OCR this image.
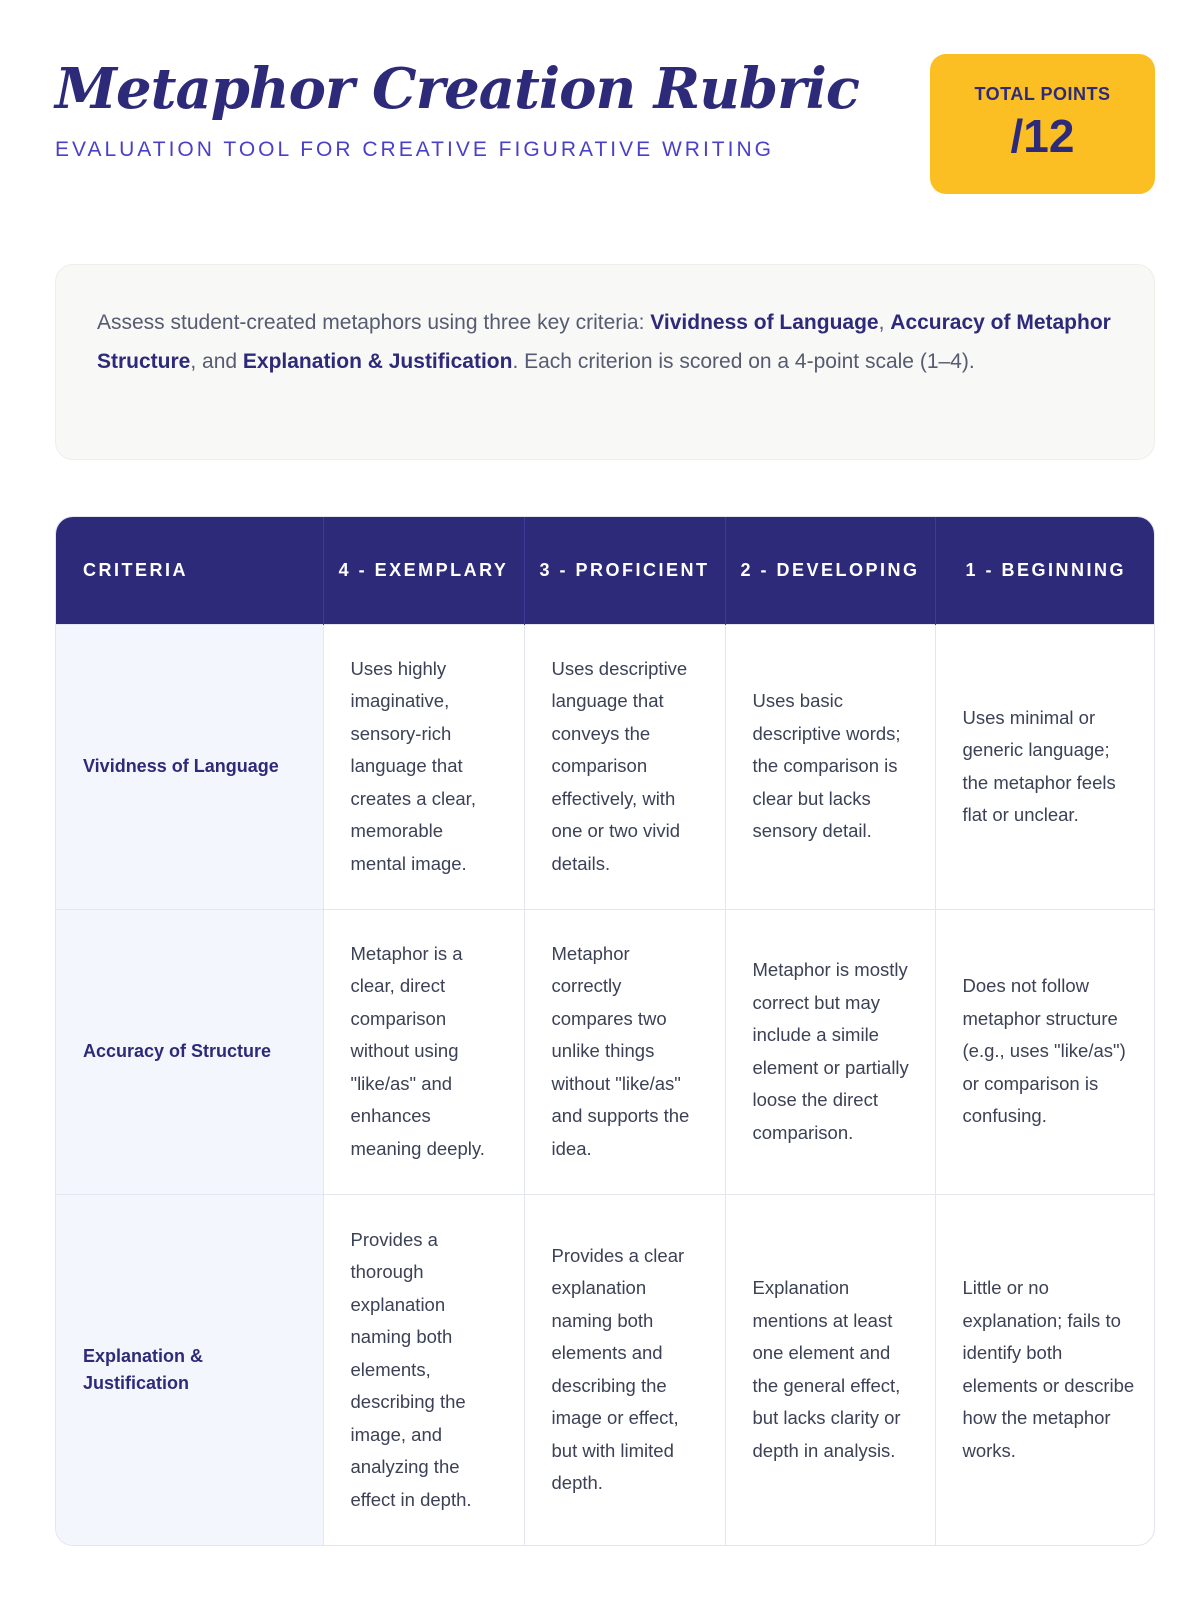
Metaphor Creation Rubric
EVALUATION TOOL FOR CREATIVE FIGURATIVE WRITING
TOTAL POINTS
/12

Assess student-created metaphors using three key criteria: Vividness of Language, Accuracy of Metaphor Structure, and Explanation & Justification. Each criterion is scored on a 4-point scale (1–4).

CRITERIA	4 - EXEMPLARY	3 - PROFICIENT	2 - DEVELOPING	1 - BEGINNING
Vividness of Language	Uses highly imaginative, sensory-rich language that creates a clear, memorable mental image.	Uses descriptive language that conveys the comparison effectively, with one or two vivid details.	Uses basic descriptive words; the comparison is clear but lacks sensory detail.	Uses minimal or generic language; the metaphor feels flat or unclear.
Accuracy of Structure	Metaphor is a clear, direct comparison without using "like/as" and enhances meaning deeply.	Metaphor correctly compares two unlike things without "like/as" and supports the idea.	Metaphor is mostly correct but may include a simile element or partially loose the direct comparison.	Does not follow metaphor structure (e.g., uses "like/as") or comparison is confusing.
Explanation & Justification	Provides a thorough explanation naming both elements, describing the image, and analyzing the effect in depth.	Provides a clear explanation naming both elements and describing the image or effect, but with limited depth.	Explanation mentions at least one element and the general effect, but lacks clarity or depth in analysis.	Little or no explanation; fails to identify both elements or describe how the metaphor works.
